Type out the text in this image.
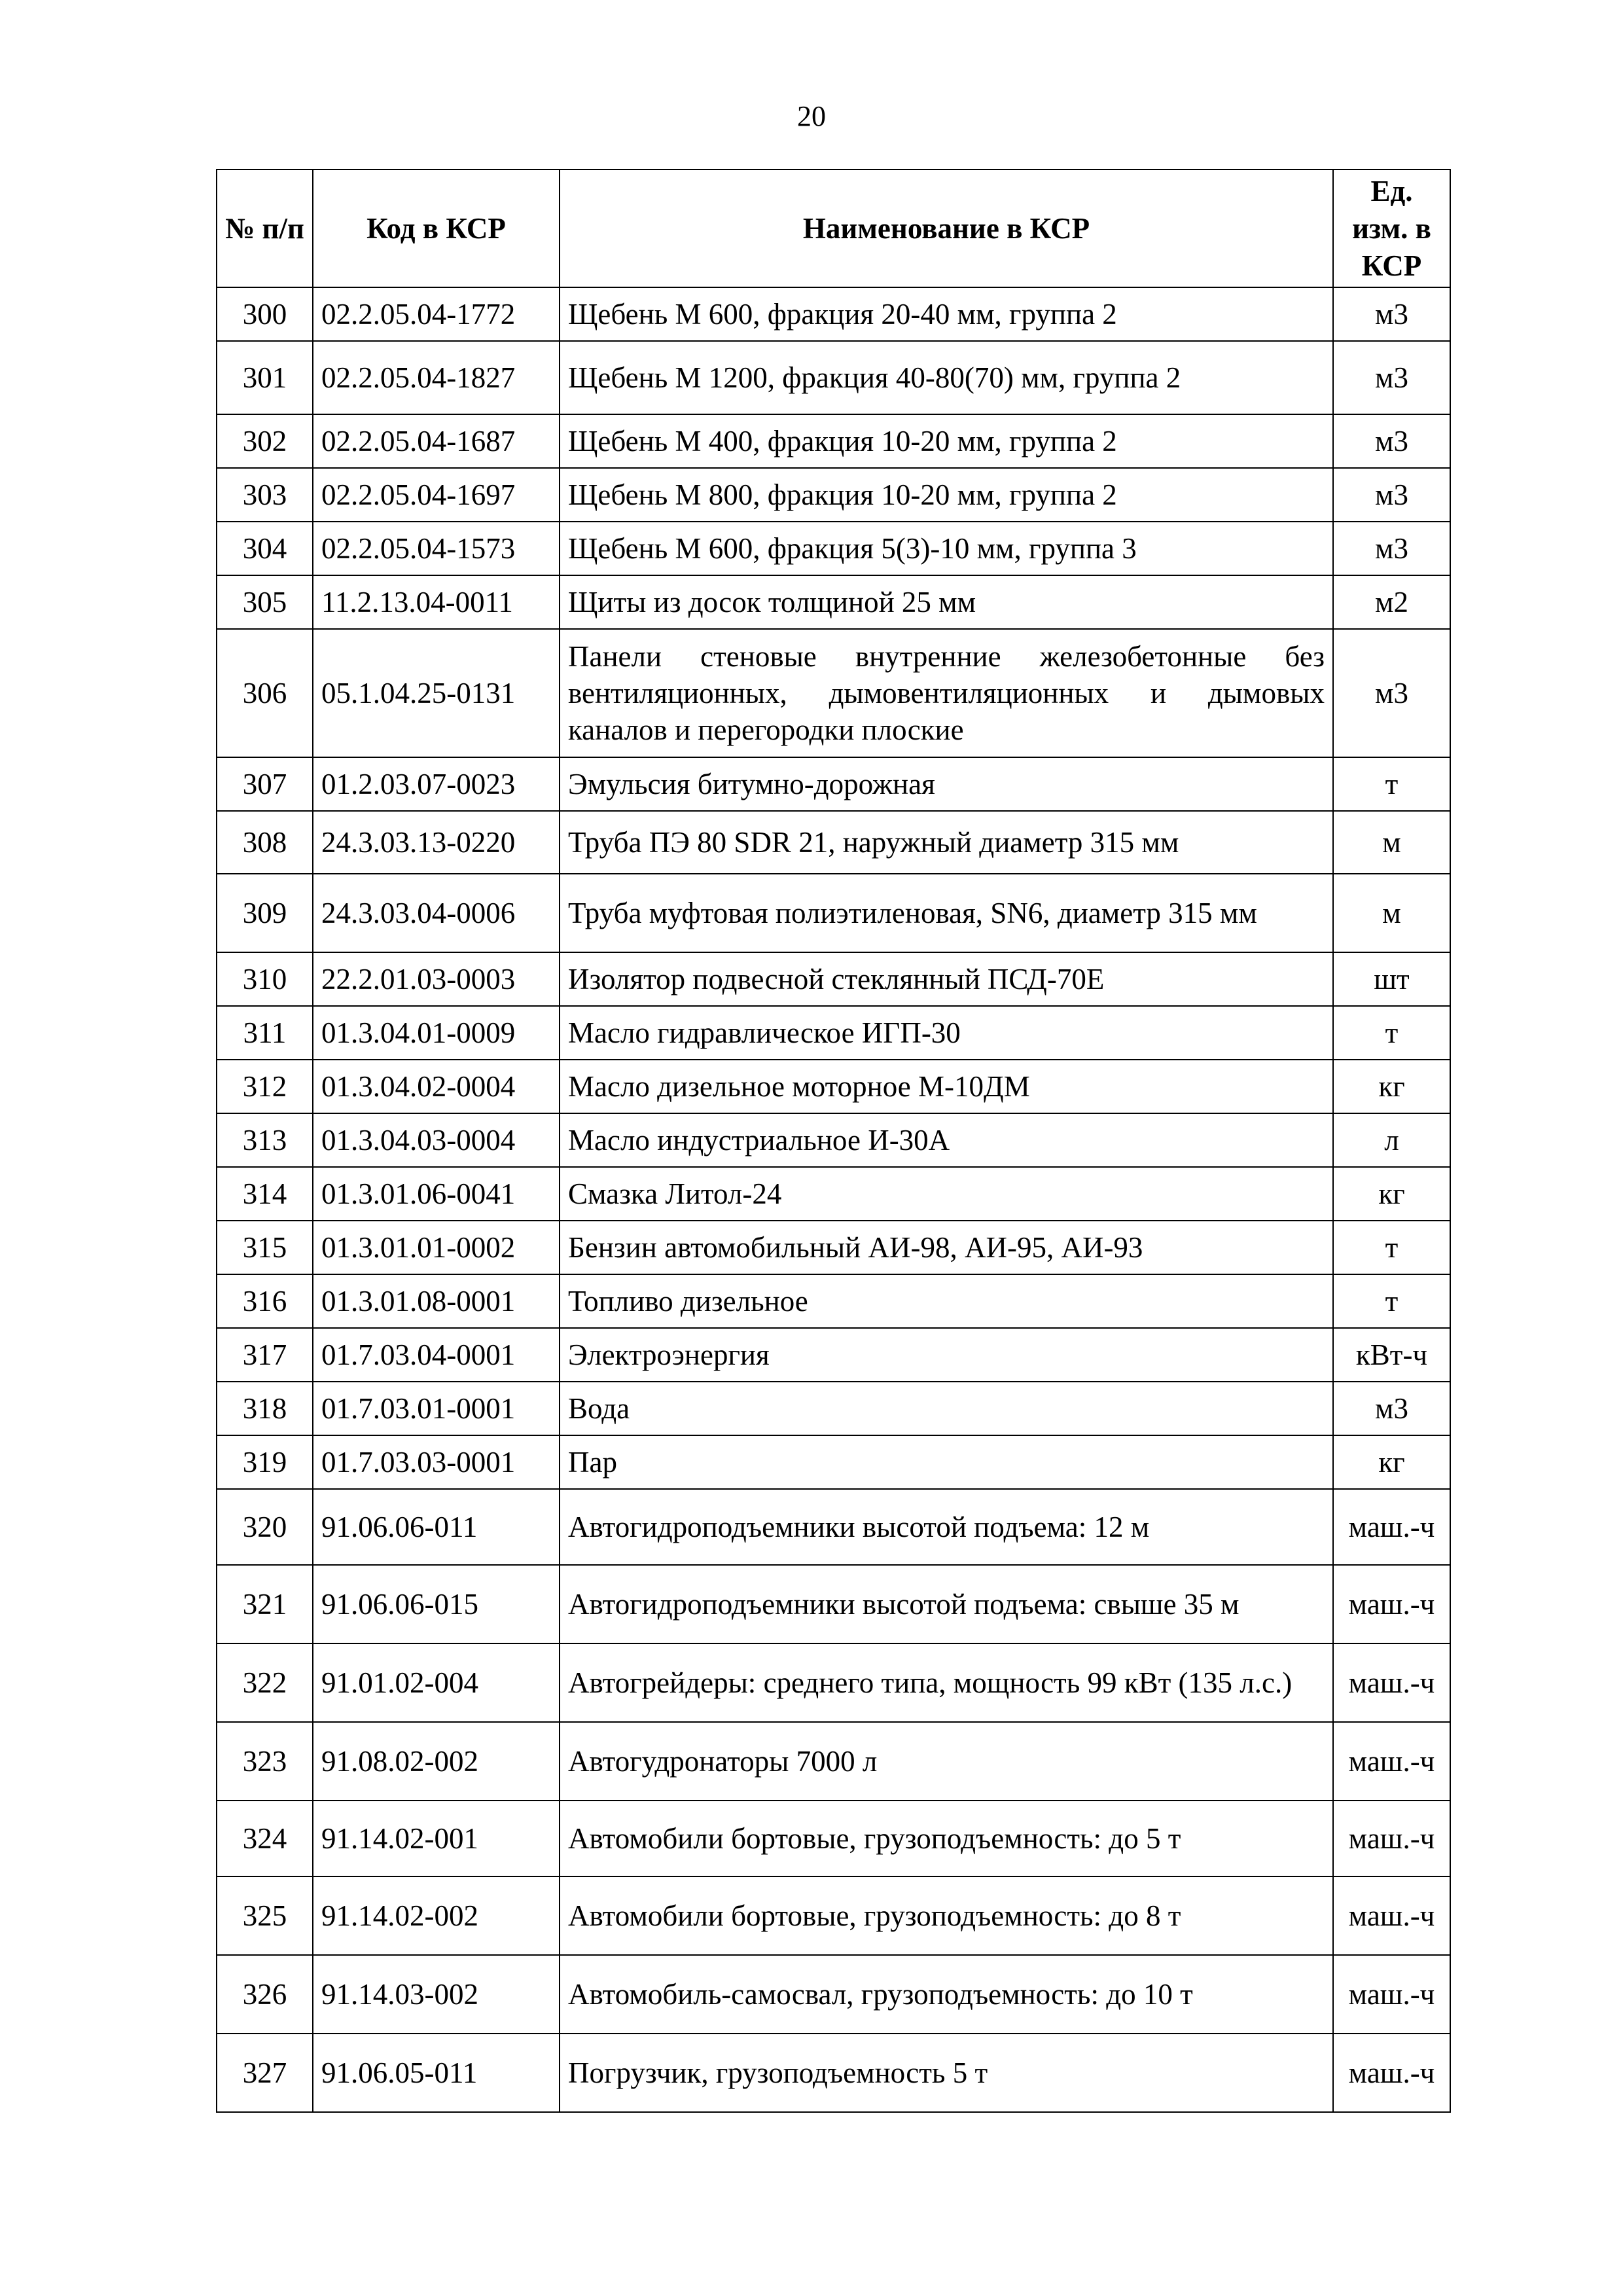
20
№ п/п	Код в КСР	Наименование в КСР	Ед. изм. в КСР
300	02.2.05.04-1772	Щебень М 600, фракция 20-40 мм, группа 2	м3
301	02.2.05.04-1827	Щебень М 1200, фракция 40-80(70) мм, группа 2	м3
302	02.2.05.04-1687	Щебень М 400, фракция 10-20 мм, группа 2	м3
303	02.2.05.04-1697	Щебень М 800, фракция 10-20 мм, группа 2	м3
304	02.2.05.04-1573	Щебень М 600, фракция 5(3)-10 мм, группа 3	м3
305	11.2.13.04-0011	Щиты из досок толщиной 25 мм	м2
306	05.1.04.25-0131	Панели стеновые внутренние железобетонные без вентиляционных, дымовентиляционных и дымовых каналов и перегородки плоские	м3
307	01.2.03.07-0023	Эмульсия битумно-дорожная	т
308	24.3.03.13-0220	Труба ПЭ 80 SDR 21, наружный диаметр 315 мм	м
309	24.3.03.04-0006	Труба муфтовая полиэтиленовая, SN6, диаметр 315 мм	м
310	22.2.01.03-0003	Изолятор подвесной стеклянный ПСД-70Е	шт
311	01.3.04.01-0009	Масло гидравлическое ИГП-30	т
312	01.3.04.02-0004	Масло дизельное моторное М-10ДМ	кг
313	01.3.04.03-0004	Масло индустриальное И-30А	л
314	01.3.01.06-0041	Смазка Литол-24	кг
315	01.3.01.01-0002	Бензин автомобильный АИ-98, АИ-95, АИ-93	т
316	01.3.01.08-0001	Топливо дизельное	т
317	01.7.03.04-0001	Электроэнергия	кВт-ч
318	01.7.03.01-0001	Вода	м3
319	01.7.03.03-0001	Пар	кг
320	91.06.06-011	Автогидроподъемники высотой подъема: 12 м	маш.-ч
321	91.06.06-015	Автогидроподъемники высотой подъема: свыше 35 м	маш.-ч
322	91.01.02-004	Автогрейдеры: среднего типа, мощность 99 кВт (135 л.с.)	маш.-ч
323	91.08.02-002	Автогудронаторы 7000 л	маш.-ч
324	91.14.02-001	Автомобили бортовые, грузоподъемность: до 5 т	маш.-ч
325	91.14.02-002	Автомобили бортовые, грузоподъемность: до 8 т	маш.-ч
326	91.14.03-002	Автомобиль-самосвал, грузоподъемность: до 10 т	маш.-ч
327	91.06.05-011	Погрузчик, грузоподъемность 5 т	маш.-ч
